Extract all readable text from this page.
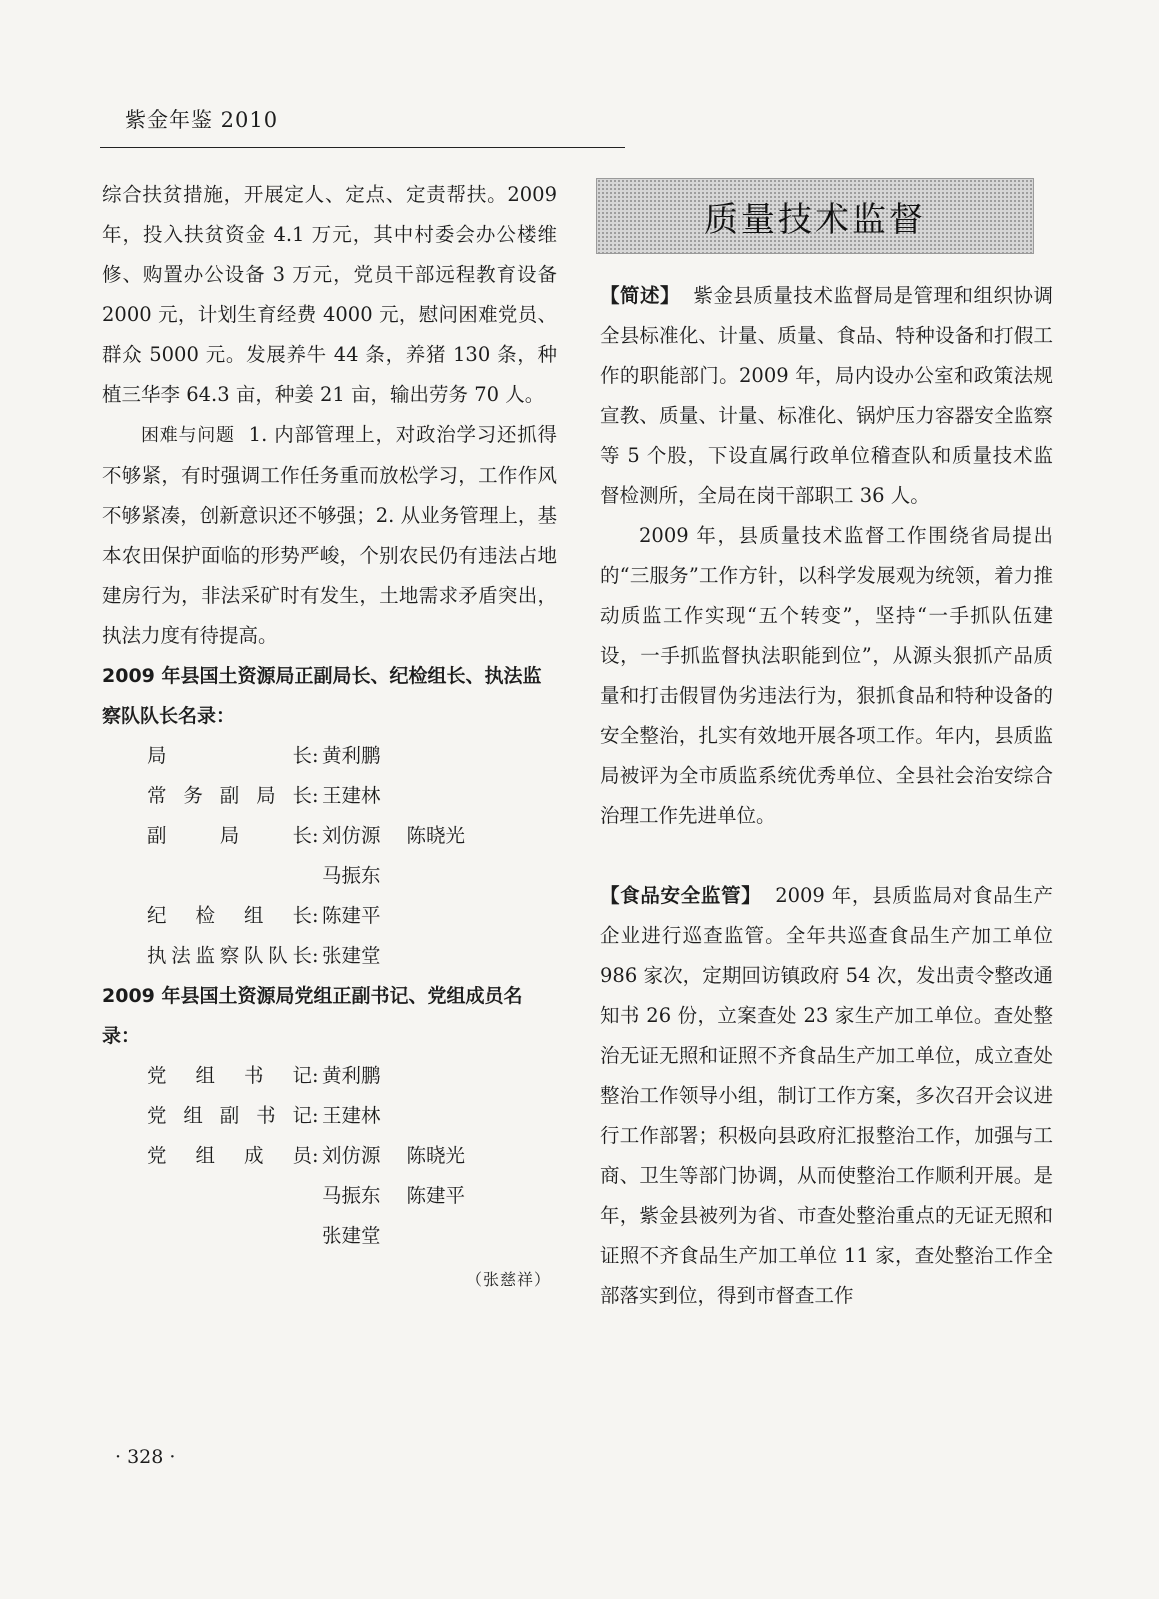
紫金年鉴 2010

综合扶贫措施，开展定人、定点、定责帮扶。2009 年，投入扶贫资金 4.1 万元，其中村委会办公楼维修、购置办公设备 3 万元，党员干部远程教育设备 2000 元，计划生育经费 4000 元，慰问困难党员、群众 5000 元。发展养牛 44 条，养猪 130 条，种植三华李 64.3 亩，种姜 21 亩，输出劳务 70 人。

困难与问题 1. 内部管理上，对政治学习还抓得不够紧，有时强调工作任务重而放松学习，工作作风不够紧凑，创新意识还不够强；2. 从业务管理上，基本农田保护面临的形势严峻，个别农民仍有违法占地建房行为，非法采矿时有发生，土地需求矛盾突出，执法力度有待提高。

2009 年县国土资源局正副局长、纪检组长、执法监察队队长名录：
局长 : 黄利鹏
常务副局长 : 王建林
副局长 : 刘仿源 陈晓光
马振东
纪检组长 : 陈建平
执法监察队队长 : 张建堂
2009 年县国土资源局党组正副书记、党组成员名录：
党组书记 : 黄利鹏
党组副书记 : 王建林
党组成员 : 刘仿源 陈晓光
马振东 陈建平
张建堂
（张慈祥）
质量技术监督

【简述】 紫金县质量技术监督局是管理和组织协调全县标准化、计量、质量、食品、特种设备和打假工作的职能部门。2009 年，局内设办公室和政策法规宣教、质量、计量、标准化、锅炉压力容器安全监察等 5 个股，下设直属行政单位稽查队和质量技术监督检测所，全局在岗干部职工 36 人。

2009 年，县质量技术监督工作围绕省局提出的“三服务”工作方针，以科学发展观为统领，着力推动质监工作实现“五个转变”，坚持“一手抓队伍建设，一手抓监督执法职能到位”，从源头狠抓产品质量和打击假冒伪劣违法行为，狠抓食品和特种设备的安全整治，扎实有效地开展各项工作。年内，县质监局被评为全市质监系统优秀单位、全县社会治安综合治理工作先进单位。

【食品安全监管】 2009 年，县质监局对食品生产企业进行巡查监管。全年共巡查食品生产加工单位 986 家次，定期回访镇政府 54 次，发出责令整改通知书 26 份，立案查处 23 家生产加工单位。查处整治无证无照和证照不齐食品生产加工单位，成立查处整治工作领导小组，制订工作方案，多次召开会议进行工作部署；积极向县政府汇报整治工作，加强与工商、卫生等部门协调，从而使整治工作顺利开展。是年，紫金县被列为省、市查处整治重点的无证无照和证照不齐食品生产加工单位 11 家，查处整治工作全部落实到位，得到市督查工作

· 328 ·
